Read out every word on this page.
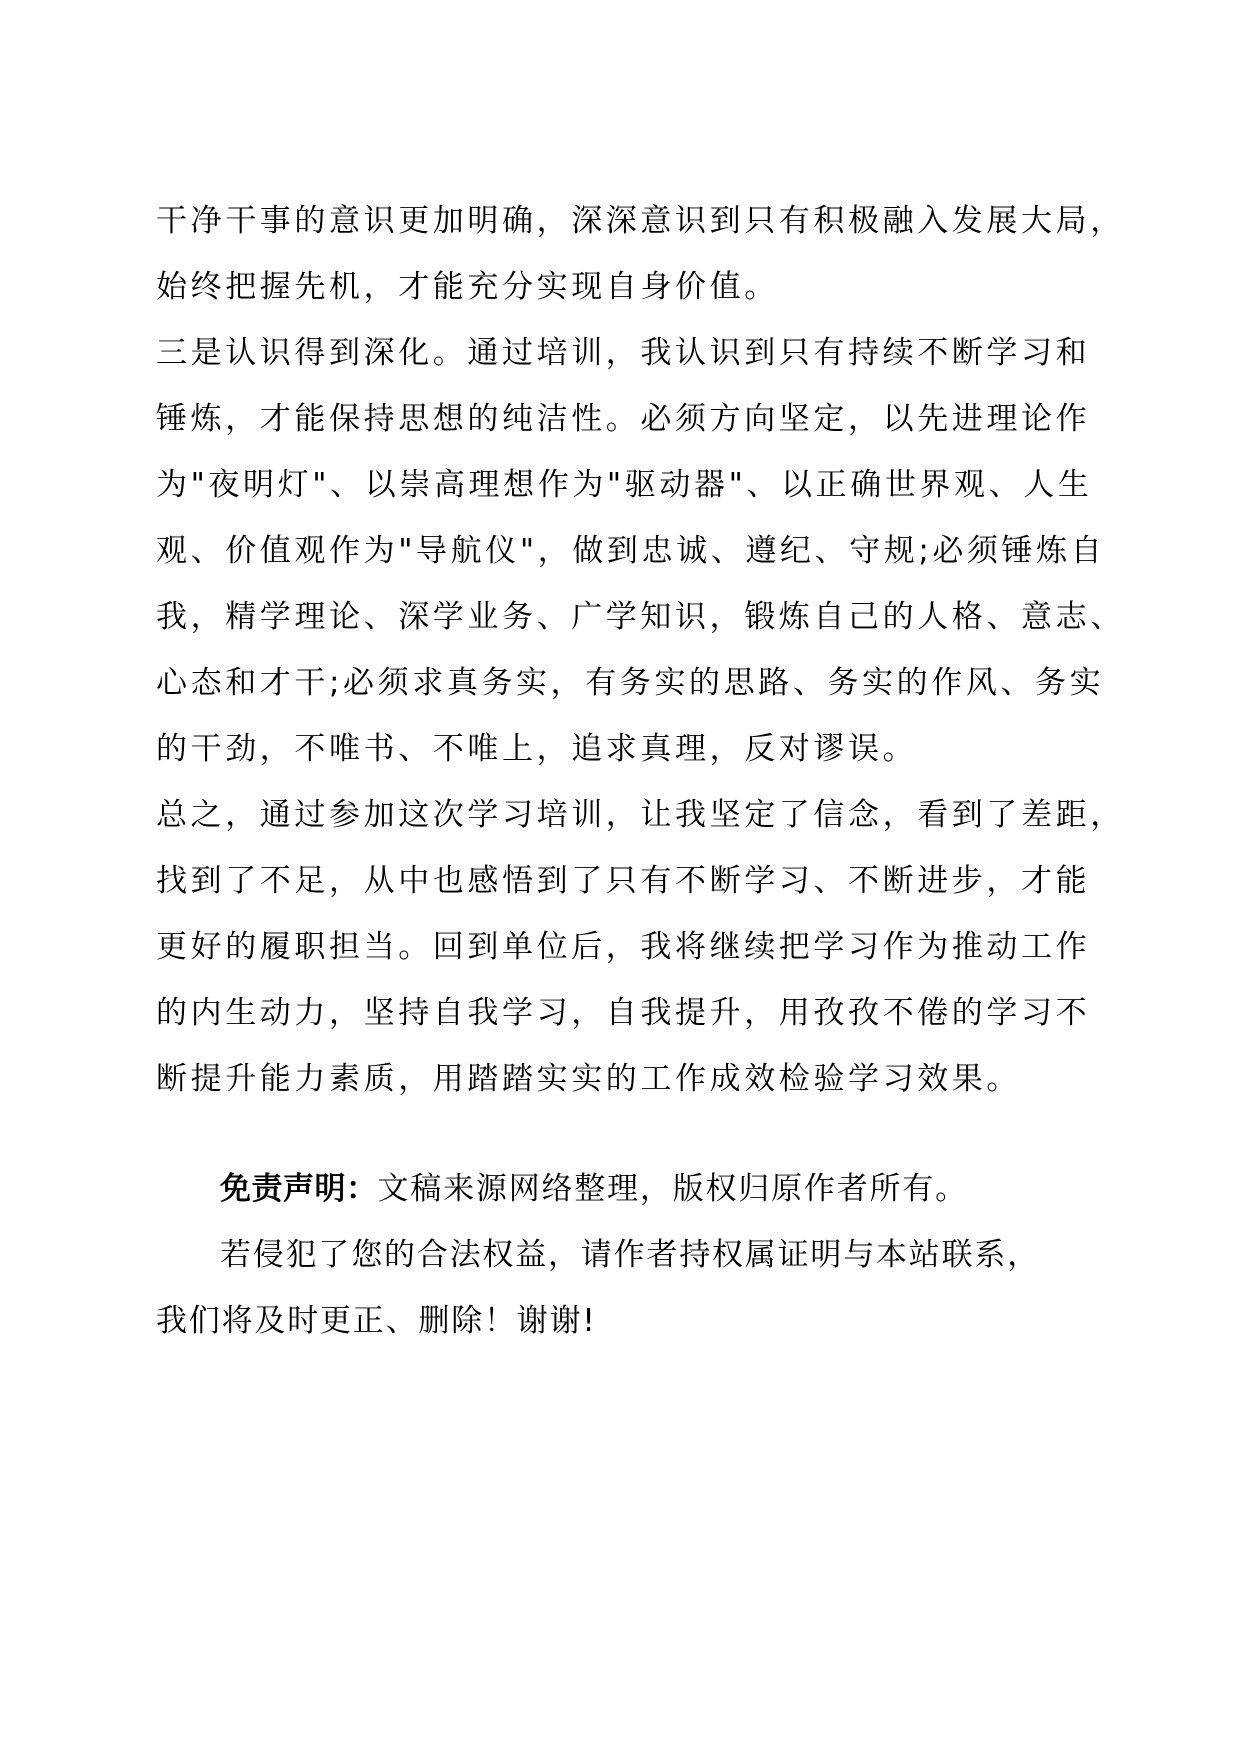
干净干事的意识更加明确，深深意识到只有积极融入发展大局，
始终把握先机，才能充分实现自身价值。
三是认识得到深化。通过培训，我认识到只有持续不断学习和
锤炼，才能保持思想的纯洁性。必须方向坚定，以先进理论作
为"夜明灯"、以崇高理想作为"驱动器"、以正确世界观、人生
观、价值观作为"导航仪"，做到忠诚、遵纪、守规;必须锤炼自
我，精学理论、深学业务、广学知识，锻炼自己的人格、意志、
心态和才干;必须求真务实，有务实的思路、务实的作风、务实
的干劲，不唯书、不唯上，追求真理，反对谬误。
总之，通过参加这次学习培训，让我坚定了信念，看到了差距，
找到了不足，从中也感悟到了只有不断学习、不断进步，才能
更好的履职担当。回到单位后，我将继续把学习作为推动工作
的内生动力，坚持自我学习，自我提升，用孜孜不倦的学习不
断提升能力素质，用踏踏实实的工作成效检验学习效果。
免责声明：文稿来源网络整理，版权归原作者所有。
若侵犯了您的合法权益，请作者持权属证明与本站联系，
我们将及时更正、删除！谢谢!
